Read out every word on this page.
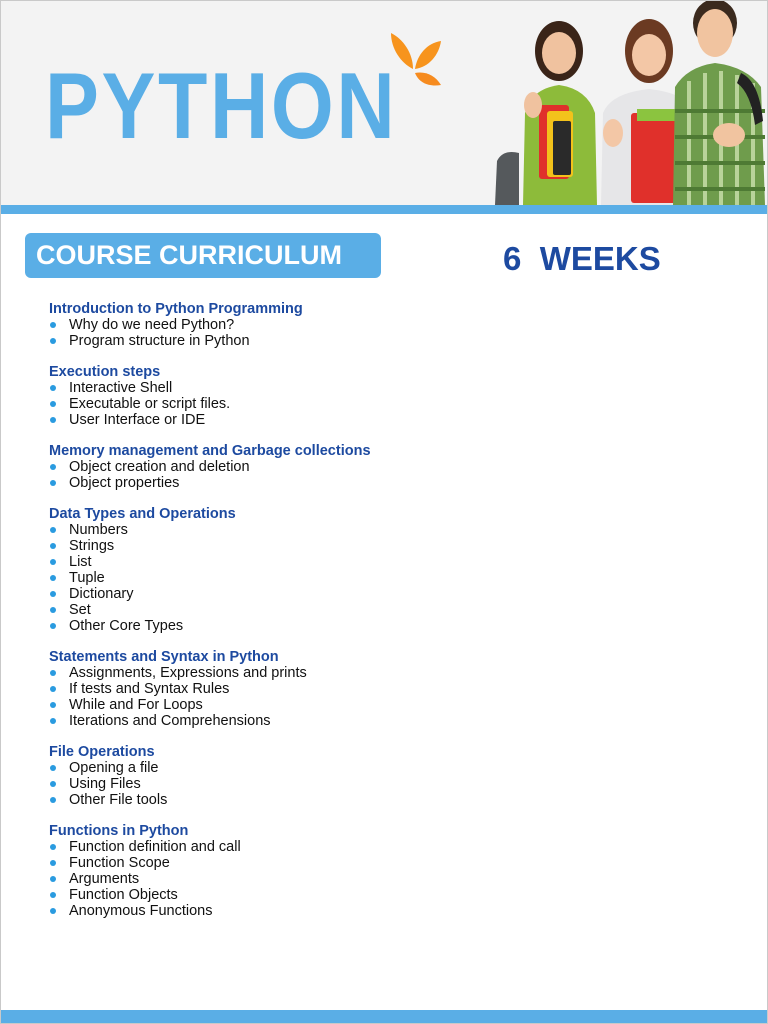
PYTHON
COURSE CURRICULUM	6  WEEKS
Introduction to Python Programming
Why do we need Python?
Program structure in Python
Execution steps
Interactive Shell
Executable or script files.
User Interface or IDE
Memory management and Garbage collections
Object creation and deletion
Object properties
Data Types and Operations
Numbers
Strings
List
Tuple
Dictionary
Set
Other Core Types
Statements and Syntax in Python
Assignments, Expressions and prints
If tests and Syntax Rules
While and For Loops
Iterations and Comprehensions
File Operations
Opening a file
Using Files
Other File tools
Functions in Python
Function definition and call
Function Scope
Arguments
Function Objects
Anonymous Functions
